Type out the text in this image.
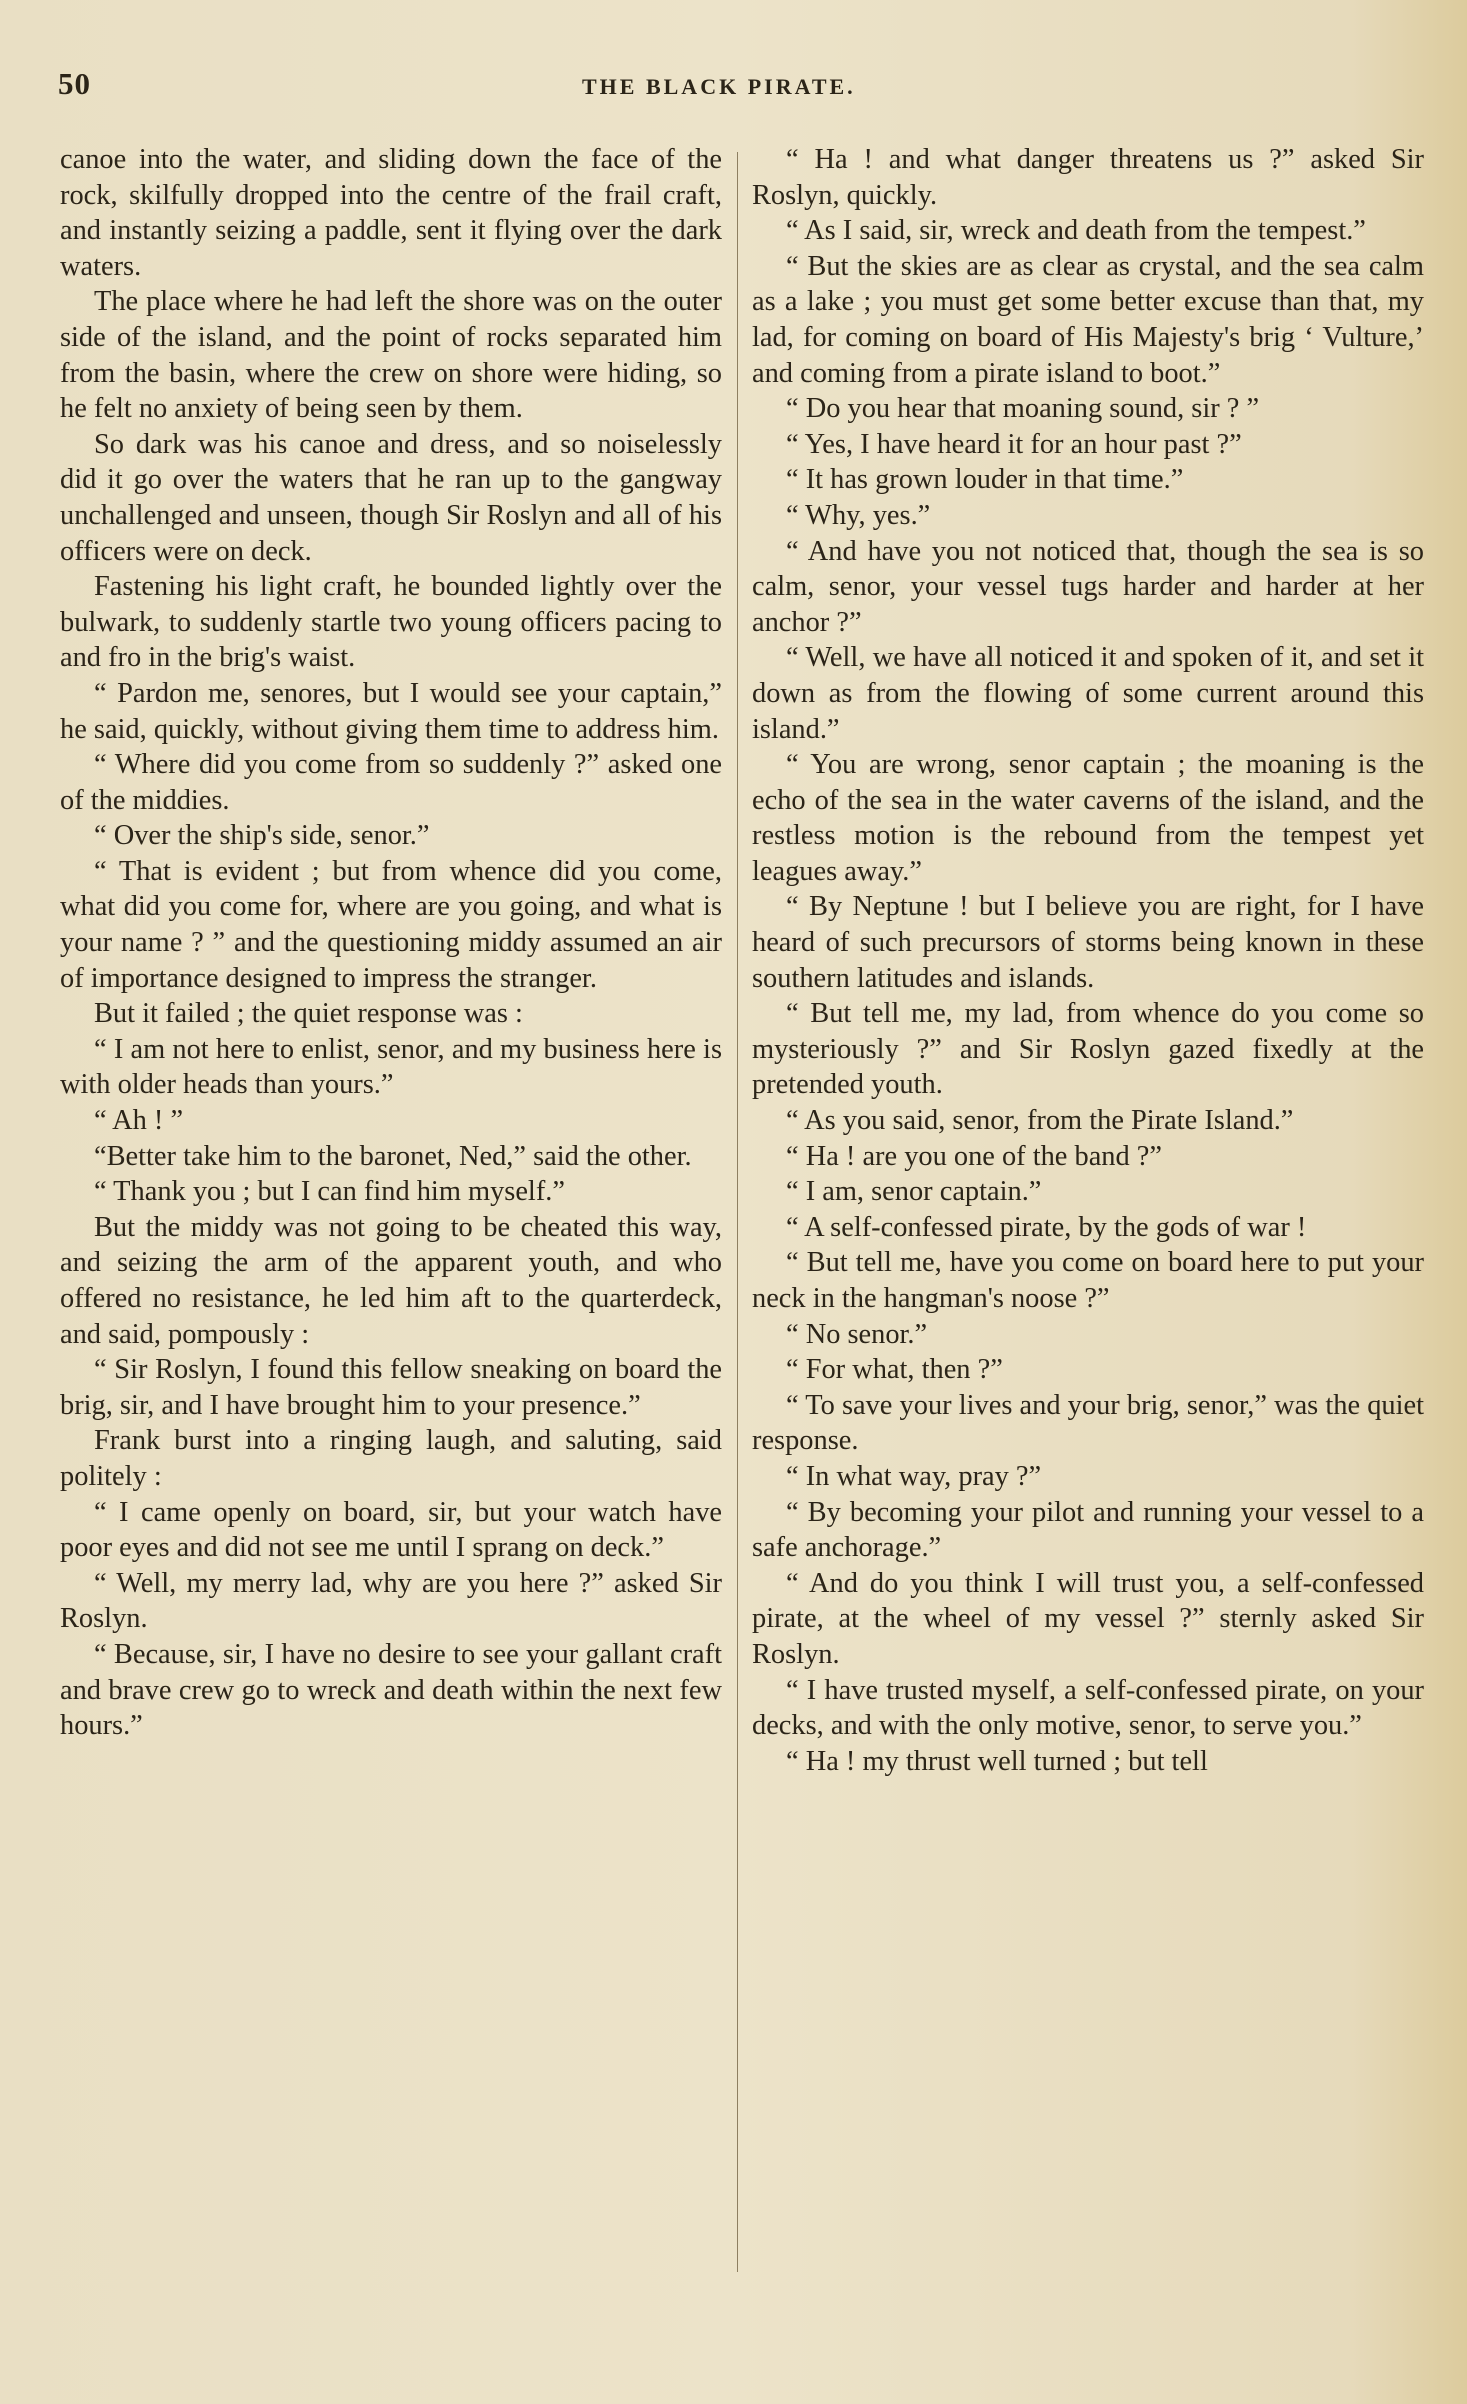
50	THE BLACK PIRATE.

canoe into the water, and sliding down the face of the rock, skilfully dropped into the centre of the frail craft, and instantly seizing a paddle, sent it flying over the dark waters.

The place where he had left the shore was on the outer side of the island, and the point of rocks separated him from the basin, where the crew on shore were hiding, so he felt no anxiety of being seen by them.

So dark was his canoe and dress, and so noiselessly did it go over the waters that he ran up to the gangway unchallenged and unseen, though Sir Roslyn and all of his officers were on deck.

Fastening his light craft, he bounded lightly over the bulwark, to suddenly startle two young officers pacing to and fro in the brig's waist.

“ Pardon me, senores, but I would see your captain,” he said, quickly, without giving them time to address him.

“ Where did you come from so suddenly ?” asked one of the middies.

“ Over the ship's side, senor.”

“ That is evident ; but from whence did you come, what did you come for, where are you going, and what is your name ? ” and the questioning middy assumed an air of importance designed to impress the stranger.

But it failed ; the quiet response was :

“ I am not here to enlist, senor, and my business here is with older heads than yours.”

“ Ah ! ”

“Better take him to the baronet, Ned,” said the other.

“ Thank you ; but I can find him myself.”

But the middy was not going to be cheated this way, and seizing the arm of the apparent youth, and who offered no resistance, he led him aft to the quarterdeck, and said, pompously :

“ Sir Roslyn, I found this fellow sneaking on board the brig, sir, and I have brought him to your presence.”

Frank burst into a ringing laugh, and saluting, said politely :

“ I came openly on board, sir, but your watch have poor eyes and did not see me until I sprang on deck.”

“ Well, my merry lad, why are you here ?” asked Sir Roslyn.

“ Because, sir, I have no desire to see your gallant craft and brave crew go to wreck and death within the next few hours.”

“ Ha ! and what danger threatens us ?” asked Sir Roslyn, quickly.

“ As I said, sir, wreck and death from the tempest.”

“ But the skies are as clear as crystal, and the sea calm as a lake ; you must get some better excuse than that, my lad, for coming on board of His Majesty's brig ‘ Vulture,’ and coming from a pirate island to boot.”

“ Do you hear that moaning sound, sir ? ”

“ Yes, I have heard it for an hour past ?”

“ It has grown louder in that time.”

“ Why, yes.”

“ And have you not noticed that, though the sea is so calm, senor, your vessel tugs harder and harder at her anchor ?”

“ Well, we have all noticed it and spoken of it, and set it down as from the flowing of some current around this island.”

“ You are wrong, senor captain ; the moaning is the echo of the sea in the water caverns of the island, and the restless motion is the rebound from the tempest yet leagues away.”

“ By Neptune ! but I believe you are right, for I have heard of such precursors of storms being known in these southern latitudes and islands.

“ But tell me, my lad, from whence do you come so mysteriously ?” and Sir Roslyn gazed fixedly at the pretended youth.

“ As you said, senor, from the Pirate Island.”

“ Ha ! are you one of the band ?”

“ I am, senor captain.”

“ A self-confessed pirate, by the gods of war !

“ But tell me, have you come on board here to put your neck in the hangman's noose ?”

“ No senor.”

“ For what, then ?”

“ To save your lives and your brig, senor,” was the quiet response.

“ In what way, pray ?”

“ By becoming your pilot and running your vessel to a safe anchorage.”

“ And do you think I will trust you, a self-confessed pirate, at the wheel of my vessel ?” sternly asked Sir Roslyn.

“ I have trusted myself, a self-confessed pirate, on your decks, and with the only motive, senor, to serve you.”

“ Ha ! my thrust well turned ; but tell
